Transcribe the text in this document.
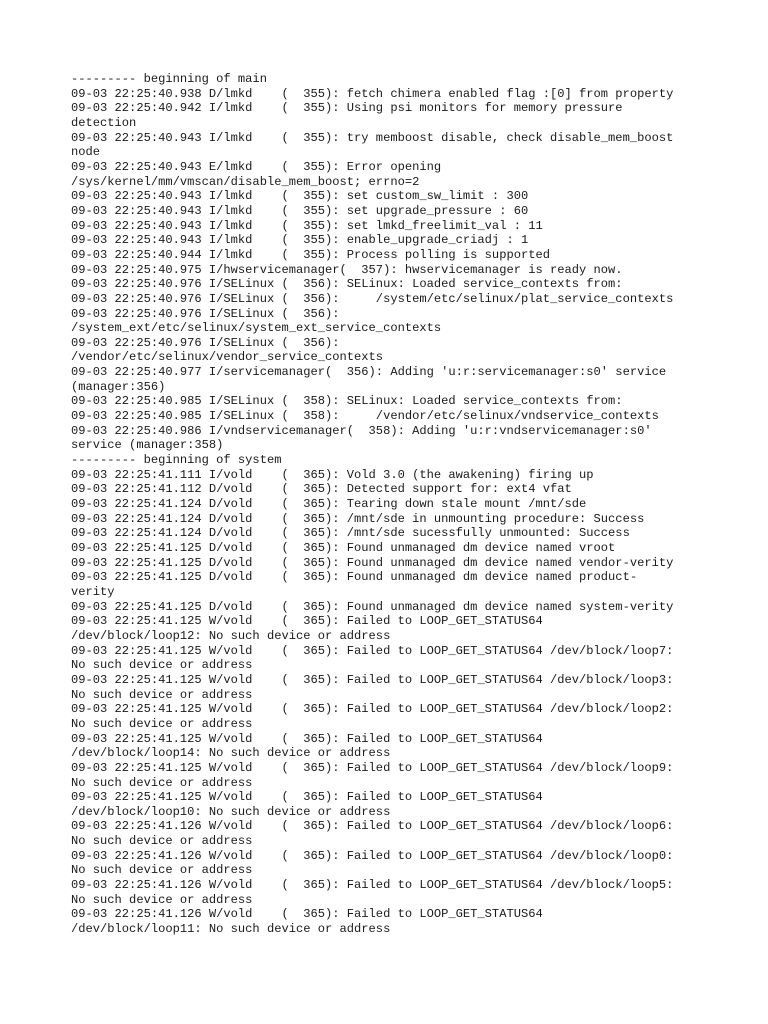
--------- beginning of main
09-03 22:25:40.938 D/lmkd    (  355): fetch chimera enabled flag :[0] from property
09-03 22:25:40.942 I/lmkd    (  355): Using psi monitors for memory pressure
detection
09-03 22:25:40.943 I/lmkd    (  355): try memboost disable, check disable_mem_boost
node
09-03 22:25:40.943 E/lmkd    (  355): Error opening
/sys/kernel/mm/vmscan/disable_mem_boost; errno=2
09-03 22:25:40.943 I/lmkd    (  355): set custom_sw_limit : 300
09-03 22:25:40.943 I/lmkd    (  355): set upgrade_pressure : 60
09-03 22:25:40.943 I/lmkd    (  355): set lmkd_freelimit_val : 11
09-03 22:25:40.943 I/lmkd    (  355): enable_upgrade_criadj : 1
09-03 22:25:40.944 I/lmkd    (  355): Process polling is supported
09-03 22:25:40.975 I/hwservicemanager(  357): hwservicemanager is ready now.
09-03 22:25:40.976 I/SELinux (  356): SELinux: Loaded service_contexts from:
09-03 22:25:40.976 I/SELinux (  356):     /system/etc/selinux/plat_service_contexts
09-03 22:25:40.976 I/SELinux (  356):
/system_ext/etc/selinux/system_ext_service_contexts
09-03 22:25:40.976 I/SELinux (  356):
/vendor/etc/selinux/vendor_service_contexts
09-03 22:25:40.977 I/servicemanager(  356): Adding 'u:r:servicemanager:s0' service
(manager:356)
09-03 22:25:40.985 I/SELinux (  358): SELinux: Loaded service_contexts from:
09-03 22:25:40.985 I/SELinux (  358):     /vendor/etc/selinux/vndservice_contexts
09-03 22:25:40.986 I/vndservicemanager(  358): Adding 'u:r:vndservicemanager:s0'
service (manager:358)
--------- beginning of system
09-03 22:25:41.111 I/vold    (  365): Vold 3.0 (the awakening) firing up
09-03 22:25:41.112 D/vold    (  365): Detected support for: ext4 vfat
09-03 22:25:41.124 D/vold    (  365): Tearing down stale mount /mnt/sde
09-03 22:25:41.124 D/vold    (  365): /mnt/sde in unmounting procedure: Success
09-03 22:25:41.124 D/vold    (  365): /mnt/sde sucessfully unmounted: Success
09-03 22:25:41.125 D/vold    (  365): Found unmanaged dm device named vroot
09-03 22:25:41.125 D/vold    (  365): Found unmanaged dm device named vendor-verity
09-03 22:25:41.125 D/vold    (  365): Found unmanaged dm device named product-
verity
09-03 22:25:41.125 D/vold    (  365): Found unmanaged dm device named system-verity
09-03 22:25:41.125 W/vold    (  365): Failed to LOOP_GET_STATUS64
/dev/block/loop12: No such device or address
09-03 22:25:41.125 W/vold    (  365): Failed to LOOP_GET_STATUS64 /dev/block/loop7:
No such device or address
09-03 22:25:41.125 W/vold    (  365): Failed to LOOP_GET_STATUS64 /dev/block/loop3:
No such device or address
09-03 22:25:41.125 W/vold    (  365): Failed to LOOP_GET_STATUS64 /dev/block/loop2:
No such device or address
09-03 22:25:41.125 W/vold    (  365): Failed to LOOP_GET_STATUS64
/dev/block/loop14: No such device or address
09-03 22:25:41.125 W/vold    (  365): Failed to LOOP_GET_STATUS64 /dev/block/loop9:
No such device or address
09-03 22:25:41.125 W/vold    (  365): Failed to LOOP_GET_STATUS64
/dev/block/loop10: No such device or address
09-03 22:25:41.126 W/vold    (  365): Failed to LOOP_GET_STATUS64 /dev/block/loop6:
No such device or address
09-03 22:25:41.126 W/vold    (  365): Failed to LOOP_GET_STATUS64 /dev/block/loop0:
No such device or address
09-03 22:25:41.126 W/vold    (  365): Failed to LOOP_GET_STATUS64 /dev/block/loop5:
No such device or address
09-03 22:25:41.126 W/vold    (  365): Failed to LOOP_GET_STATUS64
/dev/block/loop11: No such device or address
